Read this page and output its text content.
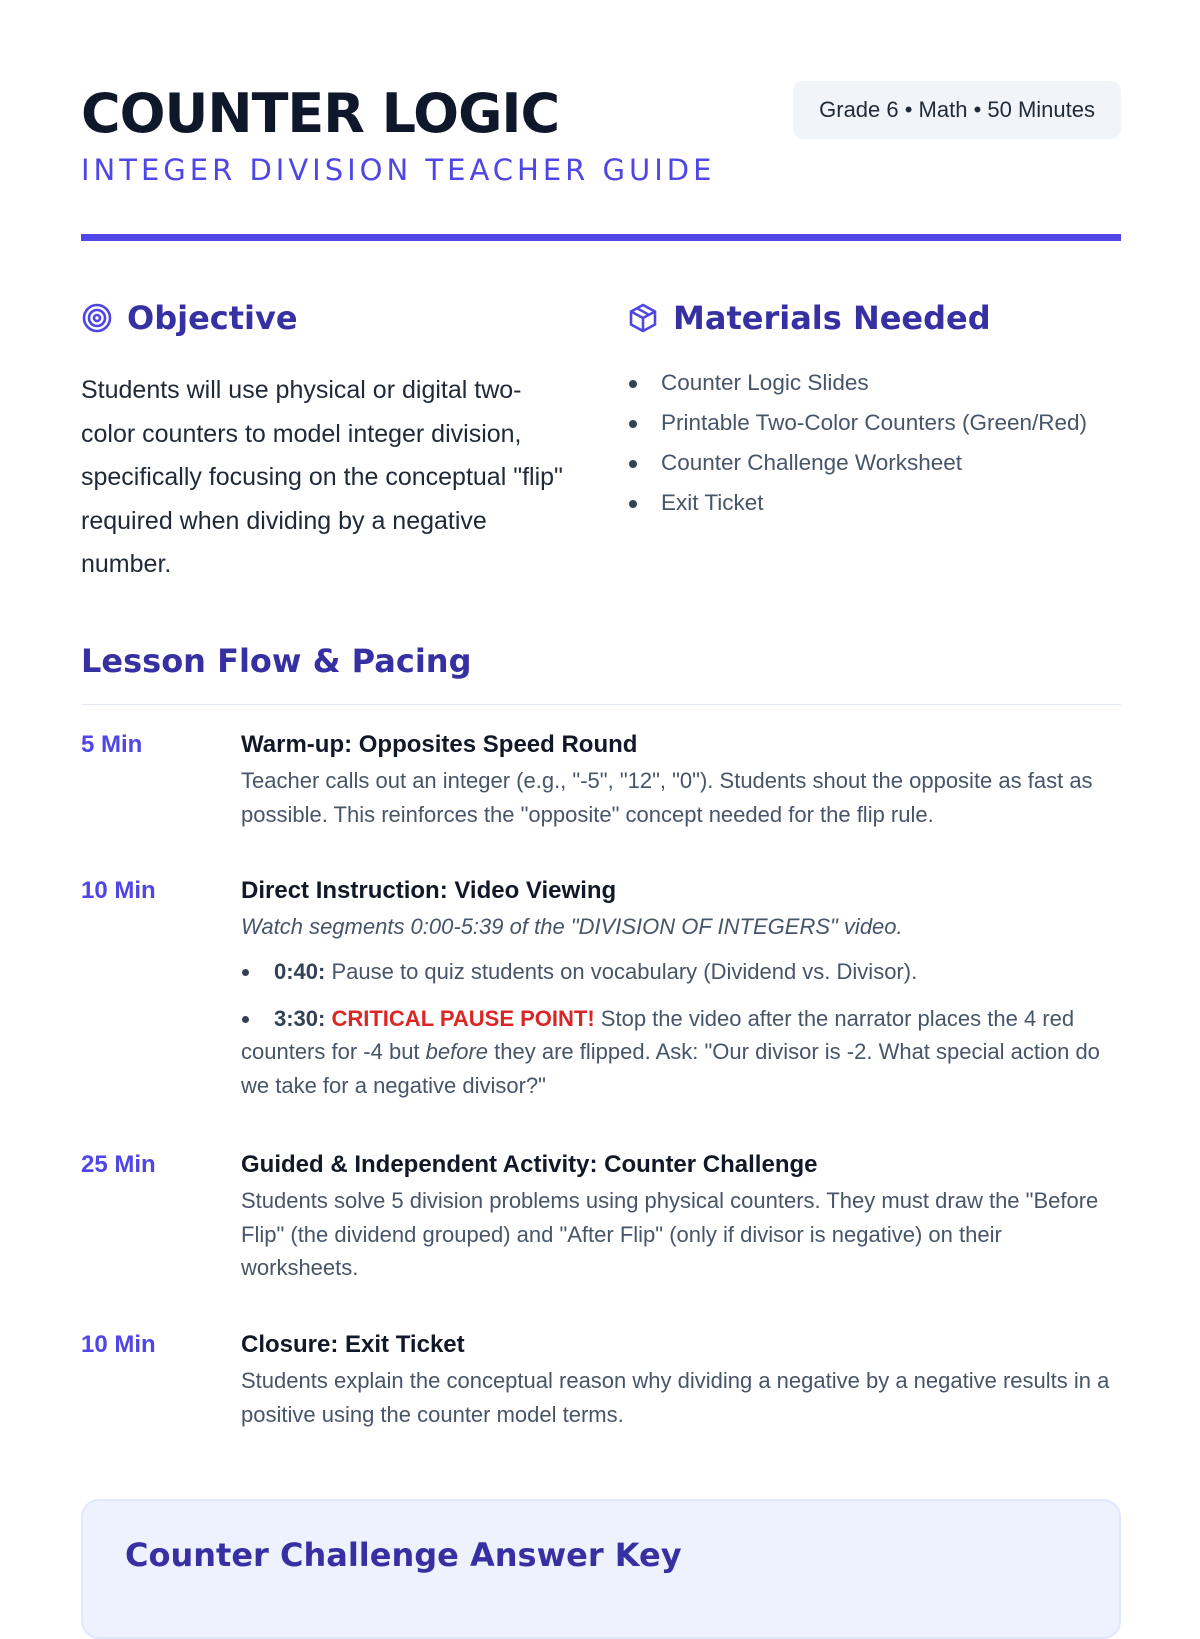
COUNTER LOGIC
INTEGER DIVISION TEACHER GUIDE
Grade 6 • Math • 50 Minutes
Objective

Students will use physical or digital two-color counters to model integer division, specifically focusing on the conceptual "flip" required when dividing by a negative number.

Materials Needed
Counter Logic Slides
Printable Two-Color Counters (Green/Red)
Counter Challenge Worksheet
Exit Ticket
Lesson Flow & Pacing
5 Min	Warm-up: Opposites Speed Round
Teacher calls out an integer (e.g., "-5", "12", "0"). Students shout the opposite as fast as possible. This reinforces the "opposite" concept needed for the flip rule.
10 Min	Direct Instruction: Video Viewing
Watch segments 0:00-5:39 of the "DIVISION OF INTEGERS" video.
0:40: Pause to quiz students on vocabulary (Dividend vs. Divisor).
3:30: CRITICAL PAUSE POINT! Stop the video after the narrator places the 4 red counters for -4 but before they are flipped. Ask: "Our divisor is -2. What special action do we take for a negative divisor?"
25 Min	Guided & Independent Activity: Counter Challenge
Students solve 5 division problems using physical counters. They must draw the "Before Flip" (the dividend grouped) and "After Flip" (only if divisor is negative) on their worksheets.
10 Min	Closure: Exit Ticket
Students explain the conceptual reason why dividing a negative by a negative results in a positive using the counter model terms.
Counter Challenge Answer Key
